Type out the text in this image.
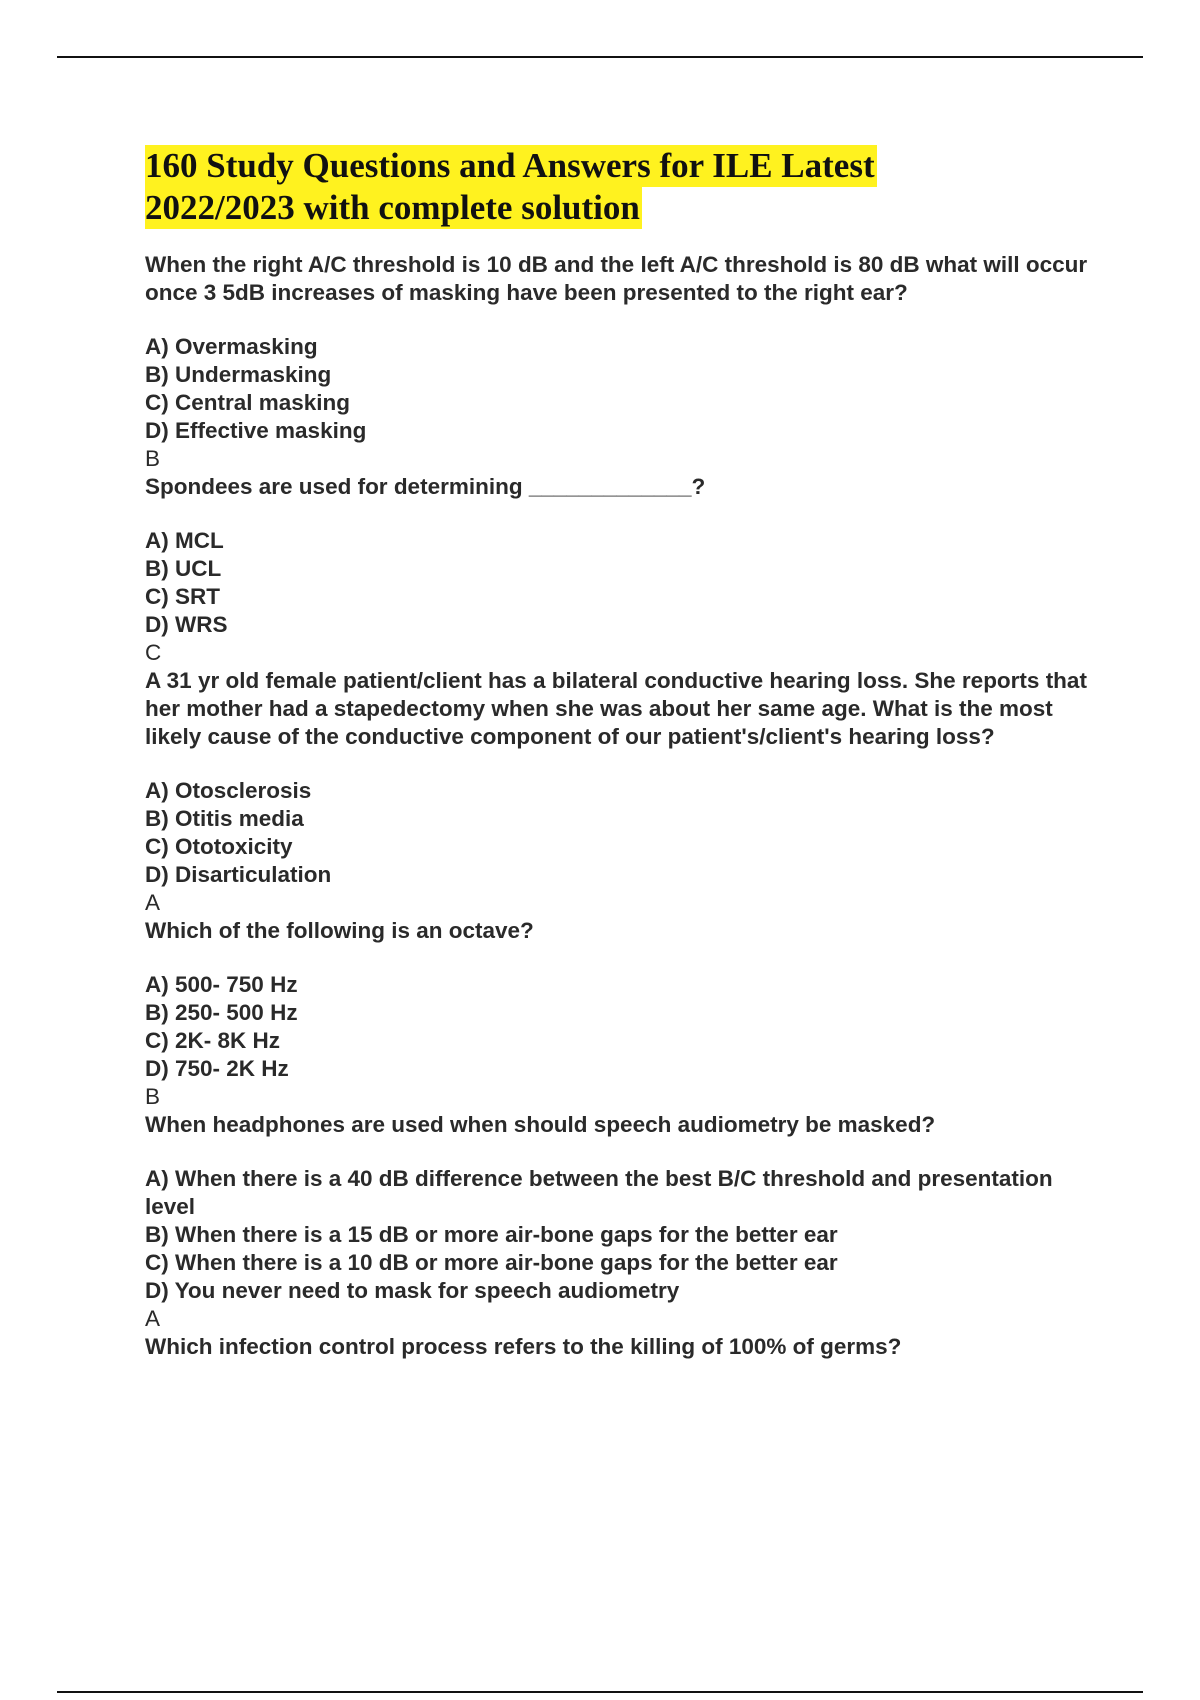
160 Study Questions and Answers for ILE Latest
2022/2023 with complete solution

When the right A/C threshold is 10 dB and the left A/C threshold is 80 dB what will occur once 3 5dB increases of masking have been presented to the right ear?

A) Overmasking
B) Undermasking
C) Central masking
D) Effective masking
B

Spondees are used for determining _____________?

A) MCL
B) UCL
C) SRT
D) WRS
C

A 31 yr old female patient/client has a bilateral conductive hearing loss. She reports that her mother had a stapedectomy when she was about her same age. What is the most likely cause of the conductive component of our patient's/client's hearing loss?

A) Otosclerosis
B) Otitis media
C) Ototoxicity
D) Disarticulation
A

Which of the following is an octave?

A) 500- 750 Hz
B) 250- 500 Hz
C) 2K- 8K Hz
D) 750- 2K Hz
B

When headphones are used when should speech audiometry be masked?

A) When there is a 40 dB difference between the best B/C threshold and presentation level
B) When there is a 15 dB or more air-bone gaps for the better ear
C) When there is a 10 dB or more air-bone gaps for the better ear
D) You never need to mask for speech audiometry
A

Which infection control process refers to the killing of 100% of germs?
